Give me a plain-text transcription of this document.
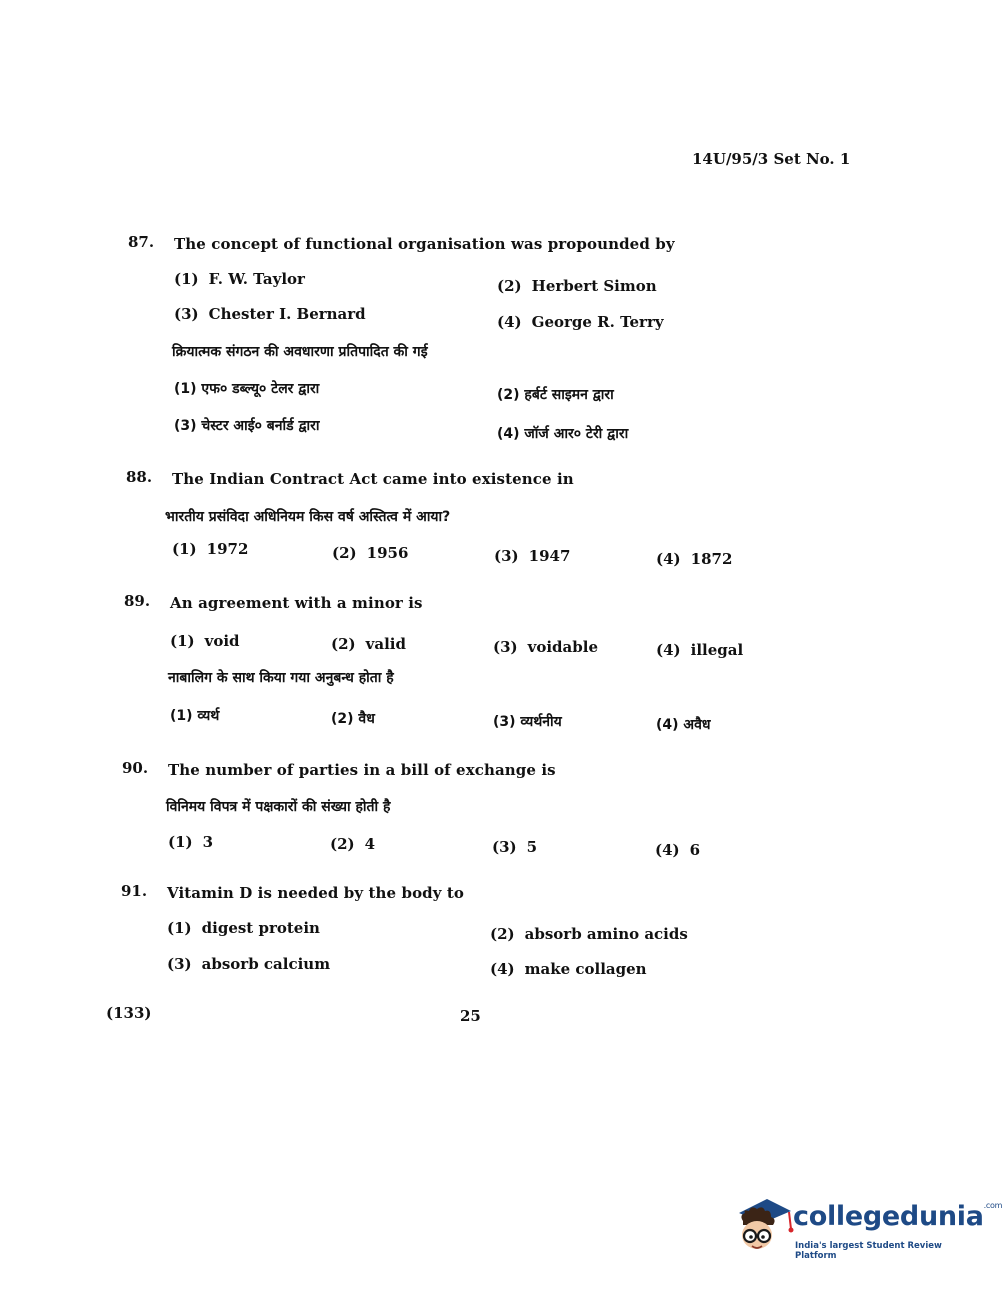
14U/95/3 Set No. 1
87. The concept of functional organisation was propounded by
(1) F. W. Taylor	(2) Herbert Simon
(3) Chester I. Bernard	(4) George R. Terry
क्रियात्मक संगठन की अवधारणा प्रतिपादित की गई
(1) एफ० डब्ल्यू० टेलर द्वारा	(2) हर्बर्ट साइमन द्वारा
(3) चेस्टर आई० बर्नार्ड द्वारा	(4) जॉर्ज आर० टेरी द्वारा
88. The Indian Contract Act came into existence in
भारतीय प्रसंविदा अधिनियम किस वर्ष अस्तित्व में आया?
(1) 1972	(2) 1956	(3) 1947	(4) 1872
89. An agreement with a minor is
(1) void	(2) valid	(3) voidable	(4) illegal
नाबालिग के साथ किया गया अनुबन्ध होता है
(1) व्यर्थ	(2) वैध	(3) व्यर्थनीय	(4) अवैध
90. The number of parties in a bill of exchange is
विनिमय विपत्र में पक्षकारों की संख्या होती है
(1) 3	(2) 4	(3) 5	(4) 6
91. Vitamin D is needed by the body to
(1) digest protein	(2) absorb amino acids
(3) absorb calcium	(4) make collagen
(133)	25
collegedunia$^{.com}$
India's largest Student Review Platform
